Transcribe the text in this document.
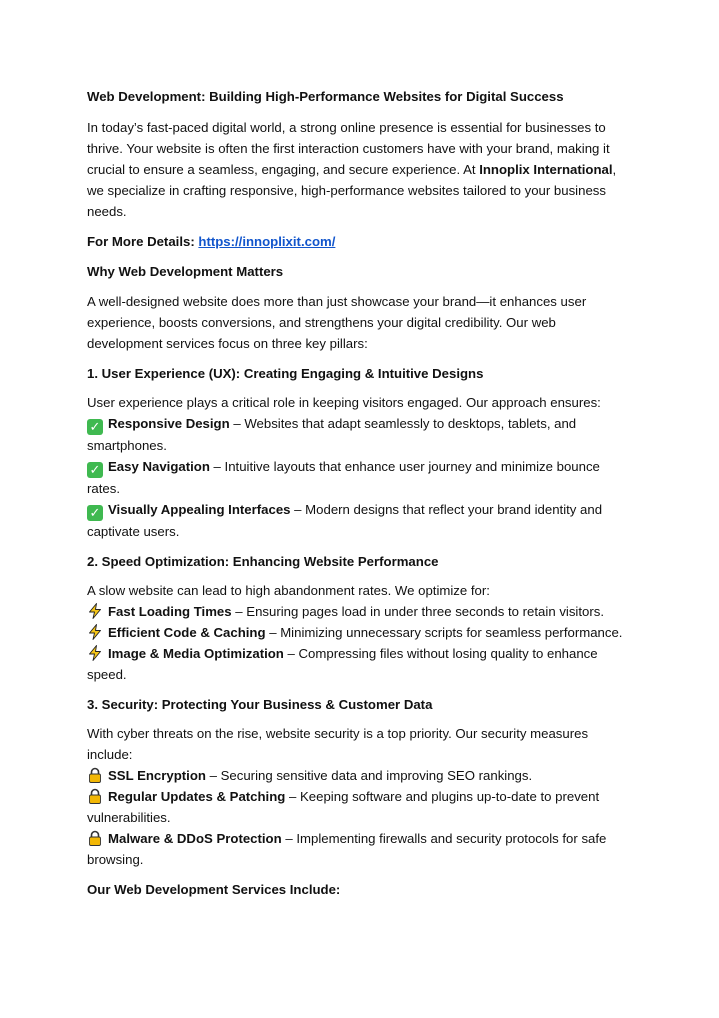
Web Development: Building High-Performance Websites for Digital Success

In today’s fast-paced digital world, a strong online presence is essential for businesses to thrive. Your website is often the first interaction customers have with your brand, making it crucial to ensure a seamless, engaging, and secure experience. At Innoplix International, we specialize in crafting responsive, high-performance websites tailored to your business needs.

For More Details: https://innoplixit.com/

Why Web Development Matters

A well-designed website does more than just showcase your brand—it enhances user experience, boosts conversions, and strengthens your digital credibility. Our web development services focus on three key pillars:

1. User Experience (UX): Creating Engaging & Intuitive Designs
User experience plays a critical role in keeping visitors engaged. Our approach ensures:
✓ Responsive Design – Websites that adapt seamlessly to desktops, tablets, and smartphones.
✓ Easy Navigation – Intuitive layouts that enhance user journey and minimize bounce rates.
✓ Visually Appealing Interfaces – Modern designs that reflect your brand identity and captivate users.
2. Speed Optimization: Enhancing Website Performance
A slow website can lead to high abandonment rates. We optimize for:
Fast Loading Times – Ensuring pages load in under three seconds to retain visitors.
Efficient Code & Caching – Minimizing unnecessary scripts for seamless performance.
Image & Media Optimization – Compressing files without losing quality to enhance speed.
3. Security: Protecting Your Business & Customer Data
With cyber threats on the rise, website security is a top priority. Our security measures include:
SSL Encryption – Securing sensitive data and improving SEO rankings.
Regular Updates & Patching – Keeping software and plugins up-to-date to prevent vulnerabilities.
Malware & DDoS Protection – Implementing firewalls and security protocols for safe browsing.
Our Web Development Services Include:
